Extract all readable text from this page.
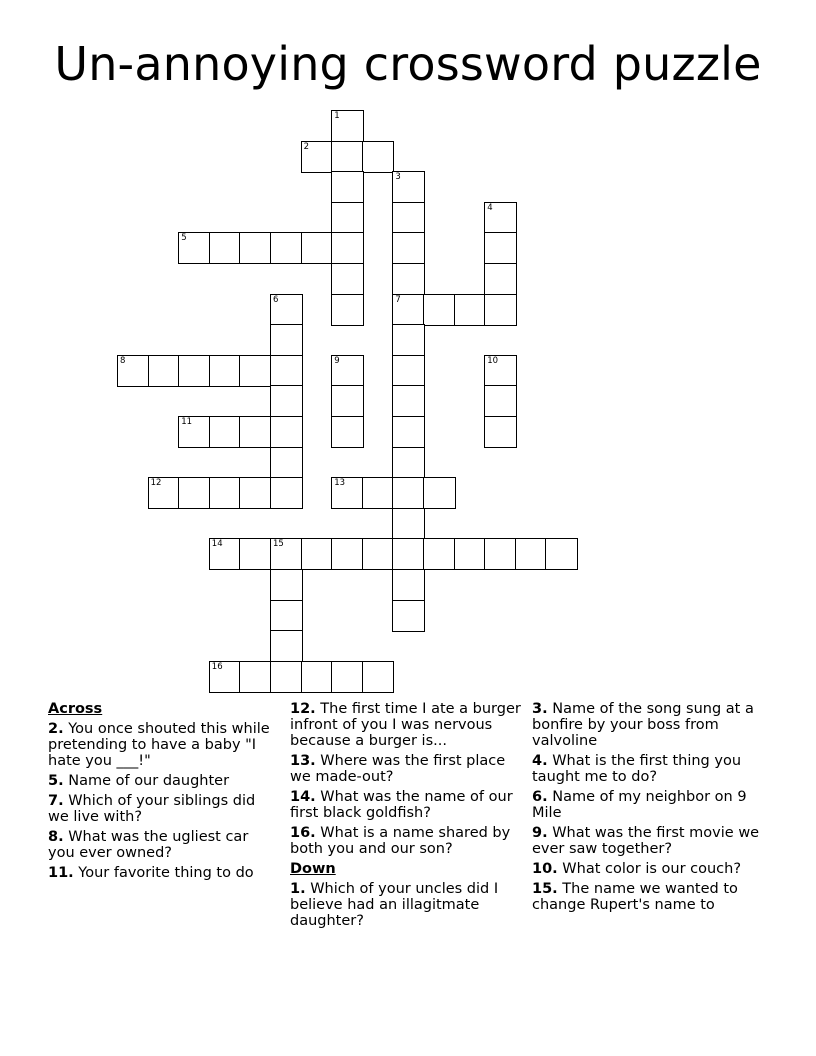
Un-annoying crossword puzzle
1
2
3
4
5
6	7
8	9	10
11
12	13
14	15
16
Across
2. You once shouted this while pretending to have a baby "I hate you ___!"
5. Name of our daughter
7. Which of your siblings did we live with?
8. What was the ugliest car you ever owned?
11. Your favorite thing to do
12. The first time I ate a burger infront of you I was nervous because a burger is...
13. Where was the first place we made-out?
14. What was the name of our first black goldfish?
16. What is a name shared by both you and our son?
Down
1. Which of your uncles did I believe had an illagitmate daughter?
3. Name of the song sung at a bonfire by your boss from valvoline
4. What is the first thing you taught me to do?
6. Name of my neighbor on 9 Mile
9. What was the first movie we ever saw together?
10. What color is our couch?
15. The name we wanted to change Rupert's name to
